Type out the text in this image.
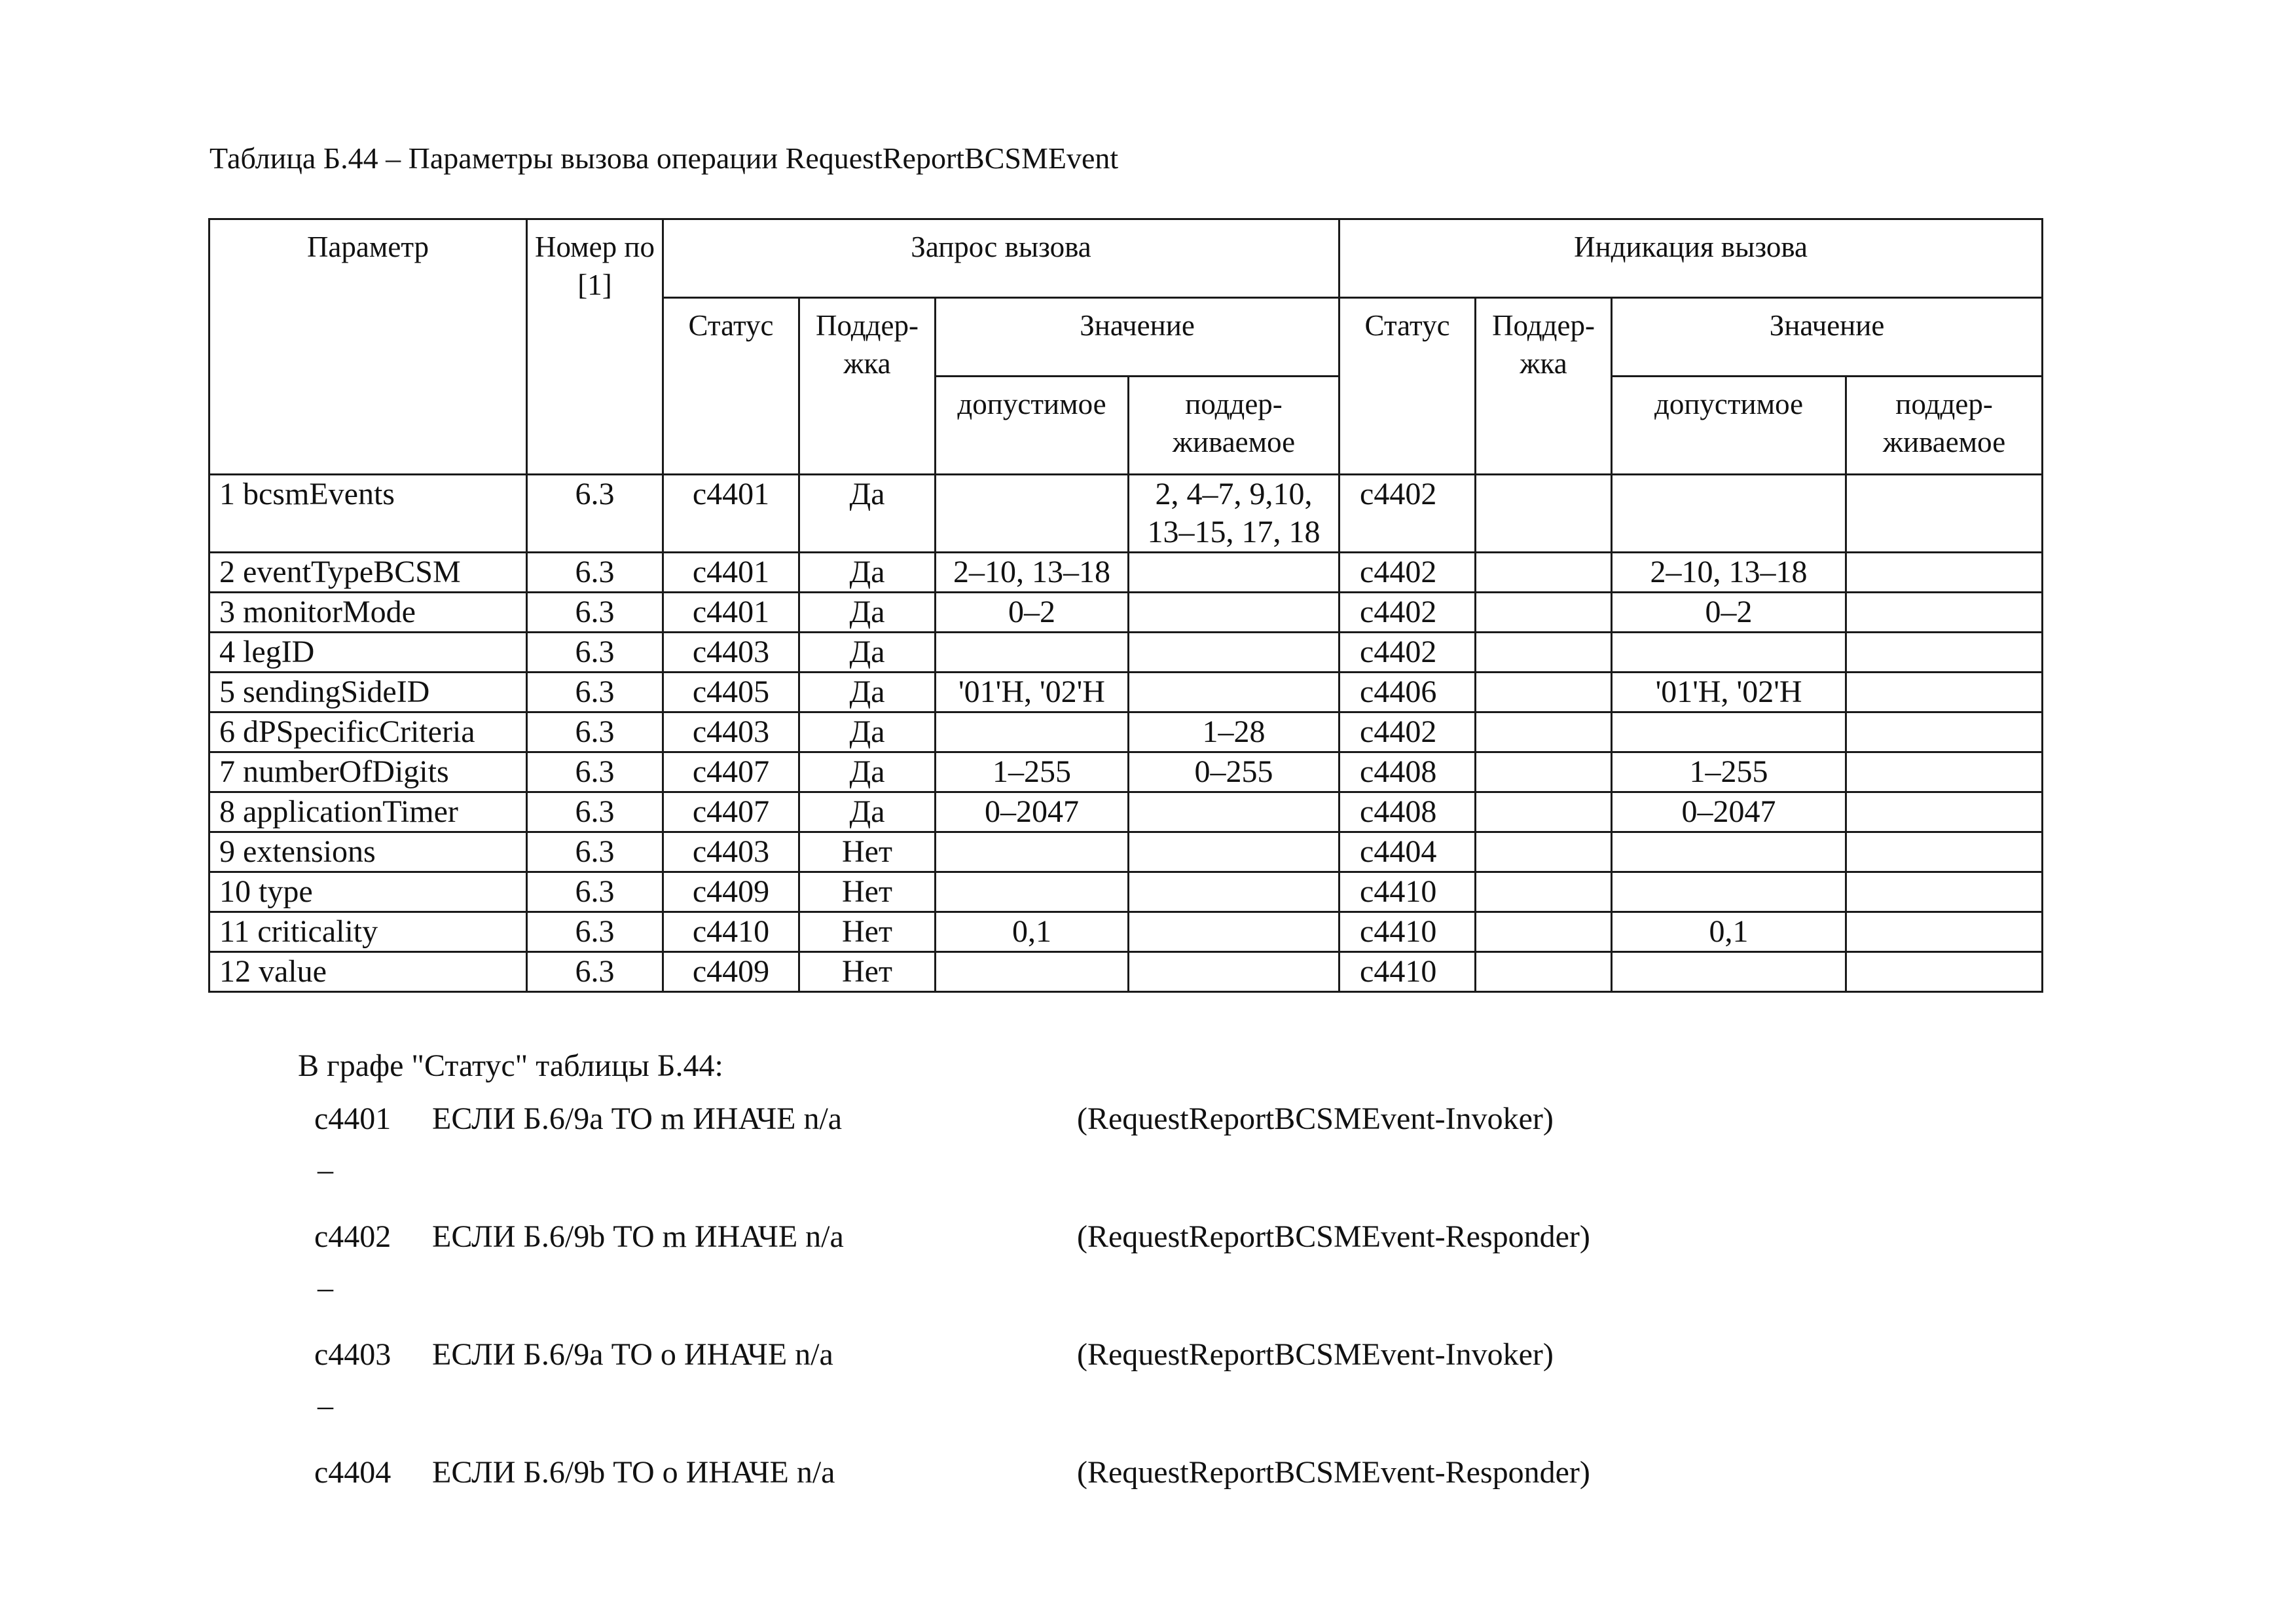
Таблица Б.44 – Параметры вызова операции RequestReportBCSMEvent
Параметр	Номер по [1]	Запрос вызова				Индикация вызова			
		Статус	Поддер-жка	Значение		Статус	Поддер-жка	Значение	
				допустимое	поддер-живаемое			допустимое	поддер-живаемое
1 bcsmEvents	6.3	c4401	Да		2, 4–7, 9,10, 13–15, 17, 18	c4402			
2 eventTypeBCSM	6.3	c4401	Да	2–10, 13–18		c4402		2–10, 13–18	
3 monitorMode	6.3	c4401	Да	0–2		c4402		0–2	
4 legID	6.3	c4403	Да			c4402			
5 sendingSideID	6.3	c4405	Да	'01'H, '02'H		c4406		'01'H, '02'H	
6 dPSpecificCriteria	6.3	c4403	Да		1–28	c4402			
7 numberOfDigits	6.3	c4407	Да	1–255	0–255	c4408		1–255	
8 applicationTimer	6.3	c4407	Да	0–2047		c4408		0–2047	
9 extensions	6.3	c4403	Нет			c4404			
10 type	6.3	c4409	Нет			c4410			
11 criticality	6.3	c4410	Нет	0,1		c4410		0,1	
12 value	6.3	c4409	Нет			c4410			
В графе "Статус" таблицы Б.44:
c4401 ЕСЛИ Б.6/9а ТО m ИНАЧЕ n/a	(RequestReportBCSMEvent-Invoker)
–
c4402 ЕСЛИ Б.6/9b ТО m ИНАЧЕ n/a	(RequestReportBCSMEvent-Responder)
–
c4403 ЕСЛИ Б.6/9а ТО о ИНАЧЕ n/a	(RequestReportBCSMEvent-Invoker)
–
c4404 ЕСЛИ Б.6/9b ТО о ИНАЧЕ n/a	(RequestReportBCSMEvent-Responder)
